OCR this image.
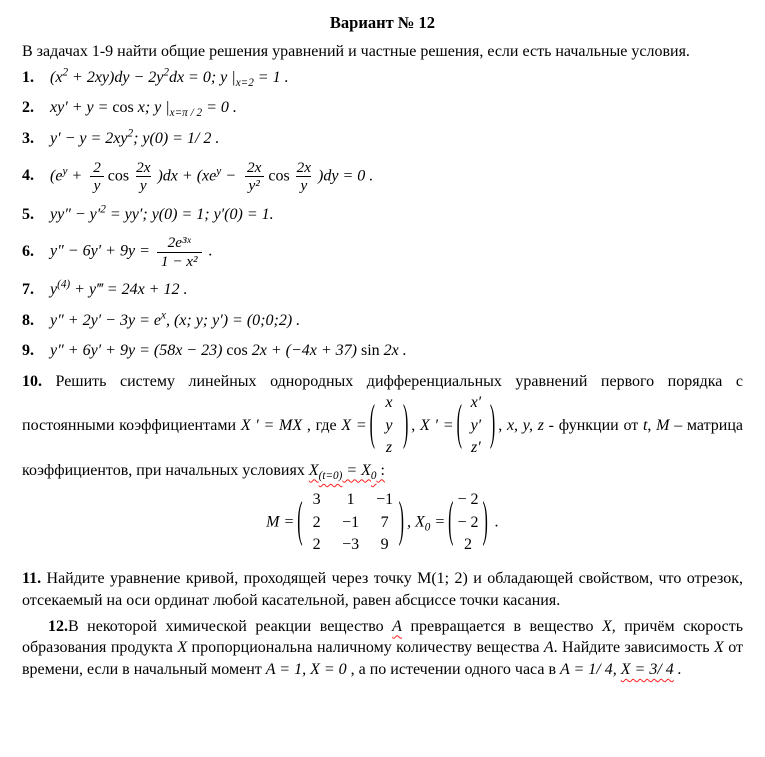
Вариант № 12

В задачах 1-9 найти общие решения уравнений и частные решения, если есть начальные условия.

1.	$(x^2 + 2xy)dy - 2y^2dx = 0$; y $|_{x=2} = 1$ .
2.	xy′ + y = cos x; y $|_{x=\pi / 2} = 0$ .
3.	$y' - y = 2xy^2$; y(0) = 1/ 2 .
4.	($e^y + \frac{2}{y}$ $\cos \frac{2x}{y} )dx + (xe^y - \frac{2x}{\text{y²}}$ $\cos \frac{2x}{y} )dy = 0$ .
5.	$yy'' - y'^2 = yy'$; y(0) = 1; y′(0) = 1.
6.	$y'' - 6y' + 9y = \frac{\text{2e³ˣ}}{\text{1 − x²}}$ .
7.	$y^{(4)}$ + y‴ = 24x + 12 .
8.	$y'' + 2y' - 3y = e^x$, (x; y; y′) = (0;0;2) .
9.	y″ + 6y′ + 9y = (58x − 23) cos 2x + (−4x + 37) sin 2x .

10. Решить систему линейных однородных дифференциальных уравнений первого порядка с постоянными коэффициентами X ′ = MX , где X = ( x
y
z ) , X ′ = ( x′
y′
z′ ) , x, y, z - функции от t, M – матрица коэффициентов, при начальных условиях $X_{(t=0)} = X_0$ :

M = ( 3	1	−1
2	−1	7
2	−3	9 ) , $X_0$ = ( − 2
− 2
2 ) .

11. Найдите уравнение кривой, проходящей через точку М(1; 2) и обладающей свойством, что отрезок, отсекаемый на оси ординат любой касательной, равен абсциссе точки касания.

12.В некоторой химической реакции вещество A превращается в вещество X, причём скорость образования продукта X пропорциональна наличному количеству вещества A. Найдите зависимость X от времени, если в начальный момент A = 1, X = 0 , а по истечении одного часа в A = 1/ 4, X = 3/ 4 .
